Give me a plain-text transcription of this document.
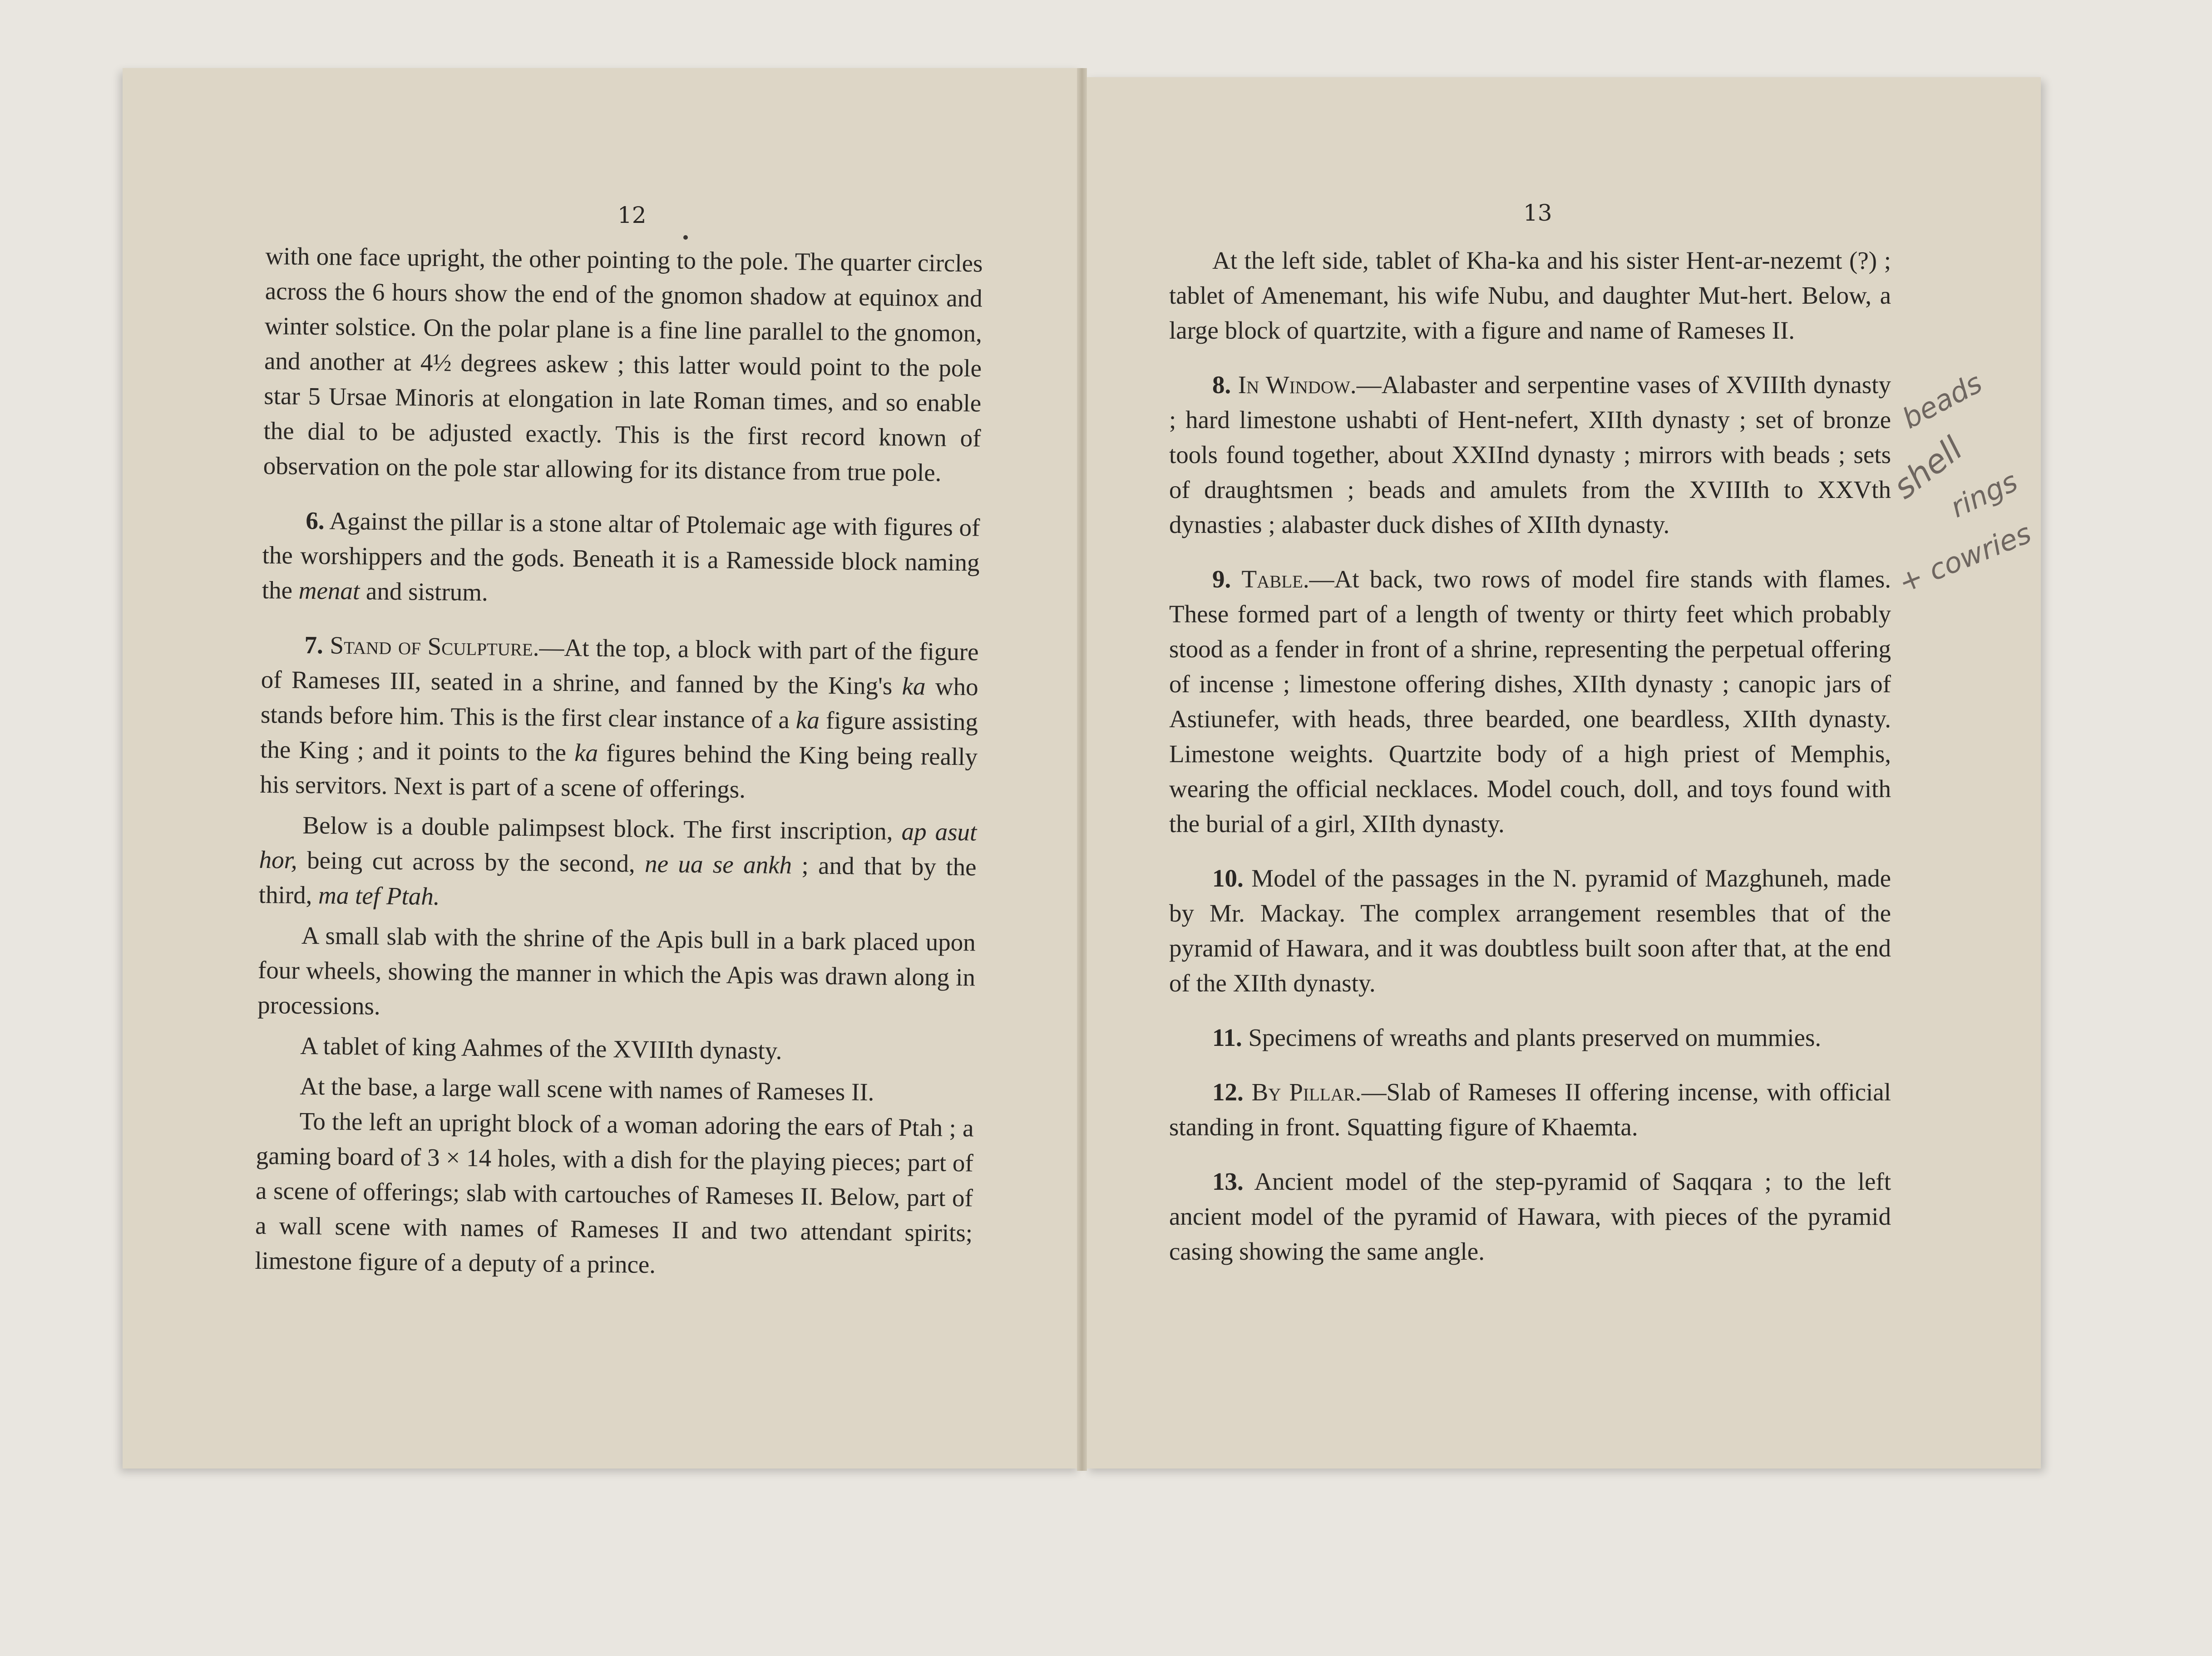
12	13

with one face upright, the other pointing to the pole. The quarter circles across the 6 hours show the end of the gnomon shadow at equinox and winter solstice. On the polar plane is a fine line parallel to the gnomon, and another at 4½ degrees askew ; this latter would point to the pole star 5 Ursae Minoris at elongation in late Roman times, and so enable the dial to be adjusted exactly. This is the first record known of observation on the pole star allowing for its distance from true pole.

6. Against the pillar is a stone altar of Ptolemaic age with figures of the worshippers and the gods. Beneath it is a Ramesside block naming the menat and sistrum.

7. Stand of Sculpture.—At the top, a block with part of the figure of Rameses III, seated in a shrine, and fanned by the King's ka who stands before him. This is the first clear instance of a ka figure assisting the King ; and it points to the ka figures behind the King being really his servitors. Next is part of a scene of offerings.

Below is a double palimpsest block. The first inscription, ap asut hor, being cut across by the second, ne ua se ankh ; and that by the third, ma tef Ptah.

A small slab with the shrine of the Apis bull in a bark placed upon four wheels, showing the manner in which the Apis was drawn along in processions.

A tablet of king Aahmes of the XVIIIth dynasty.

At the base, a large wall scene with names of Rameses II.

To the left an upright block of a woman adoring the ears of Ptah ; a gaming board of 3 × 14 holes, with a dish for the playing pieces; part of a scene of offerings; slab with cartouches of Rameses II. Below, part of a wall scene with names of Rameses II and two attendant spirits; limestone figure of a deputy of a prince.

At the left side, tablet of Kha-ka and his sister Hent-ar-nezemt (?) ; tablet of Amenemant, his wife Nubu, and daughter Mut-hert. Below, a large block of quartzite, with a figure and name of Rameses II.

8. In Window.—Alabaster and serpentine vases of XVIIIth dynasty ; hard limestone ushabti of Hent-nefert, XIIth dynasty ; set of bronze tools found together, about XXIInd dynasty ; mirrors with beads ; sets of draughtsmen ; beads and amulets from the XVIIIth to XXVth dynasties ; alabaster duck dishes of XIIth dynasty.

9. Table.—At back, two rows of model fire stands with flames. These formed part of a length of twenty or thirty feet which probably stood as a fender in front of a shrine, representing the perpetual offering of incense ; limestone offering dishes, XIIth dynasty ; canopic jars of Astiunefer, with heads, three bearded, one beardless, XIIth dynasty. Limestone weights. Quartzite body of a high priest of Memphis, wearing the official necklaces. Model couch, doll, and toys found with the burial of a girl, XIIth dynasty.

10. Model of the passages in the N. pyramid of Mazghuneh, made by Mr. Mackay. The complex arrangement resembles that of the pyramid of Hawara, and it was doubtless built soon after that, at the end of the XIIth dynasty.

11. Specimens of wreaths and plants preserved on mummies.

12. By Pillar.—Slab of Rameses II offering incense, with official standing in front. Squatting figure of Khaemta.

13. Ancient model of the step-pyramid of Saqqara ; to the left ancient model of the pyramid of Hawara, with pieces of the pyramid casing showing the same angle.

beads
shell
rings
+ cowries
